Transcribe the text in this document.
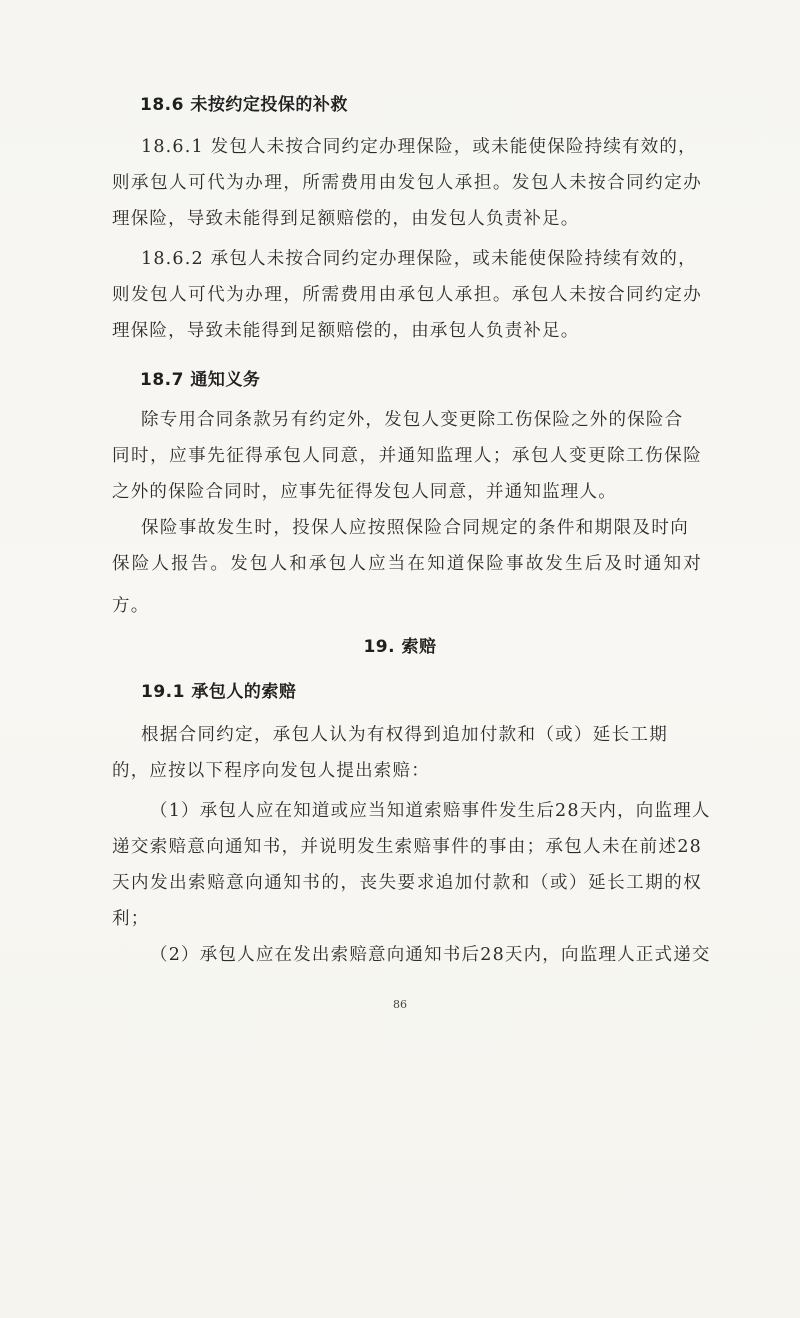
18.6 未按约定投保的补救

18.6.1 发包人未按合同约定办理保险，或未能使保险持续有效的，

则承包人可代为办理，所需费用由发包人承担。发包人未按合同约定办

理保险，导致未能得到足额赔偿的，由发包人负责补足。

18.6.2 承包人未按合同约定办理保险，或未能使保险持续有效的，

则发包人可代为办理，所需费用由承包人承担。承包人未按合同约定办

理保险，导致未能得到足额赔偿的，由承包人负责补足。

18.7 通知义务

除专用合同条款另有约定外，发包人变更除工伤保险之外的保险合

同时，应事先征得承包人同意，并通知监理人；承包人变更除工伤保险

之外的保险合同时，应事先征得发包人同意，并通知监理人。

保险事故发生时，投保人应按照保险合同规定的条件和期限及时向

保险人报告。发包人和承包人应当在知道保险事故发生后及时通知对

方。

19. 索赔

19.1 承包人的索赔

根据合同约定，承包人认为有权得到追加付款和（或）延长工期

的，应按以下程序向发包人提出索赔：

（1）承包人应在知道或应当知道索赔事件发生后28天内，向监理人

递交索赔意向通知书，并说明发生索赔事件的事由；承包人未在前述28

天内发出索赔意向通知书的，丧失要求追加付款和（或）延长工期的权

利；

（2）承包人应在发出索赔意向通知书后28天内，向监理人正式递交

86
